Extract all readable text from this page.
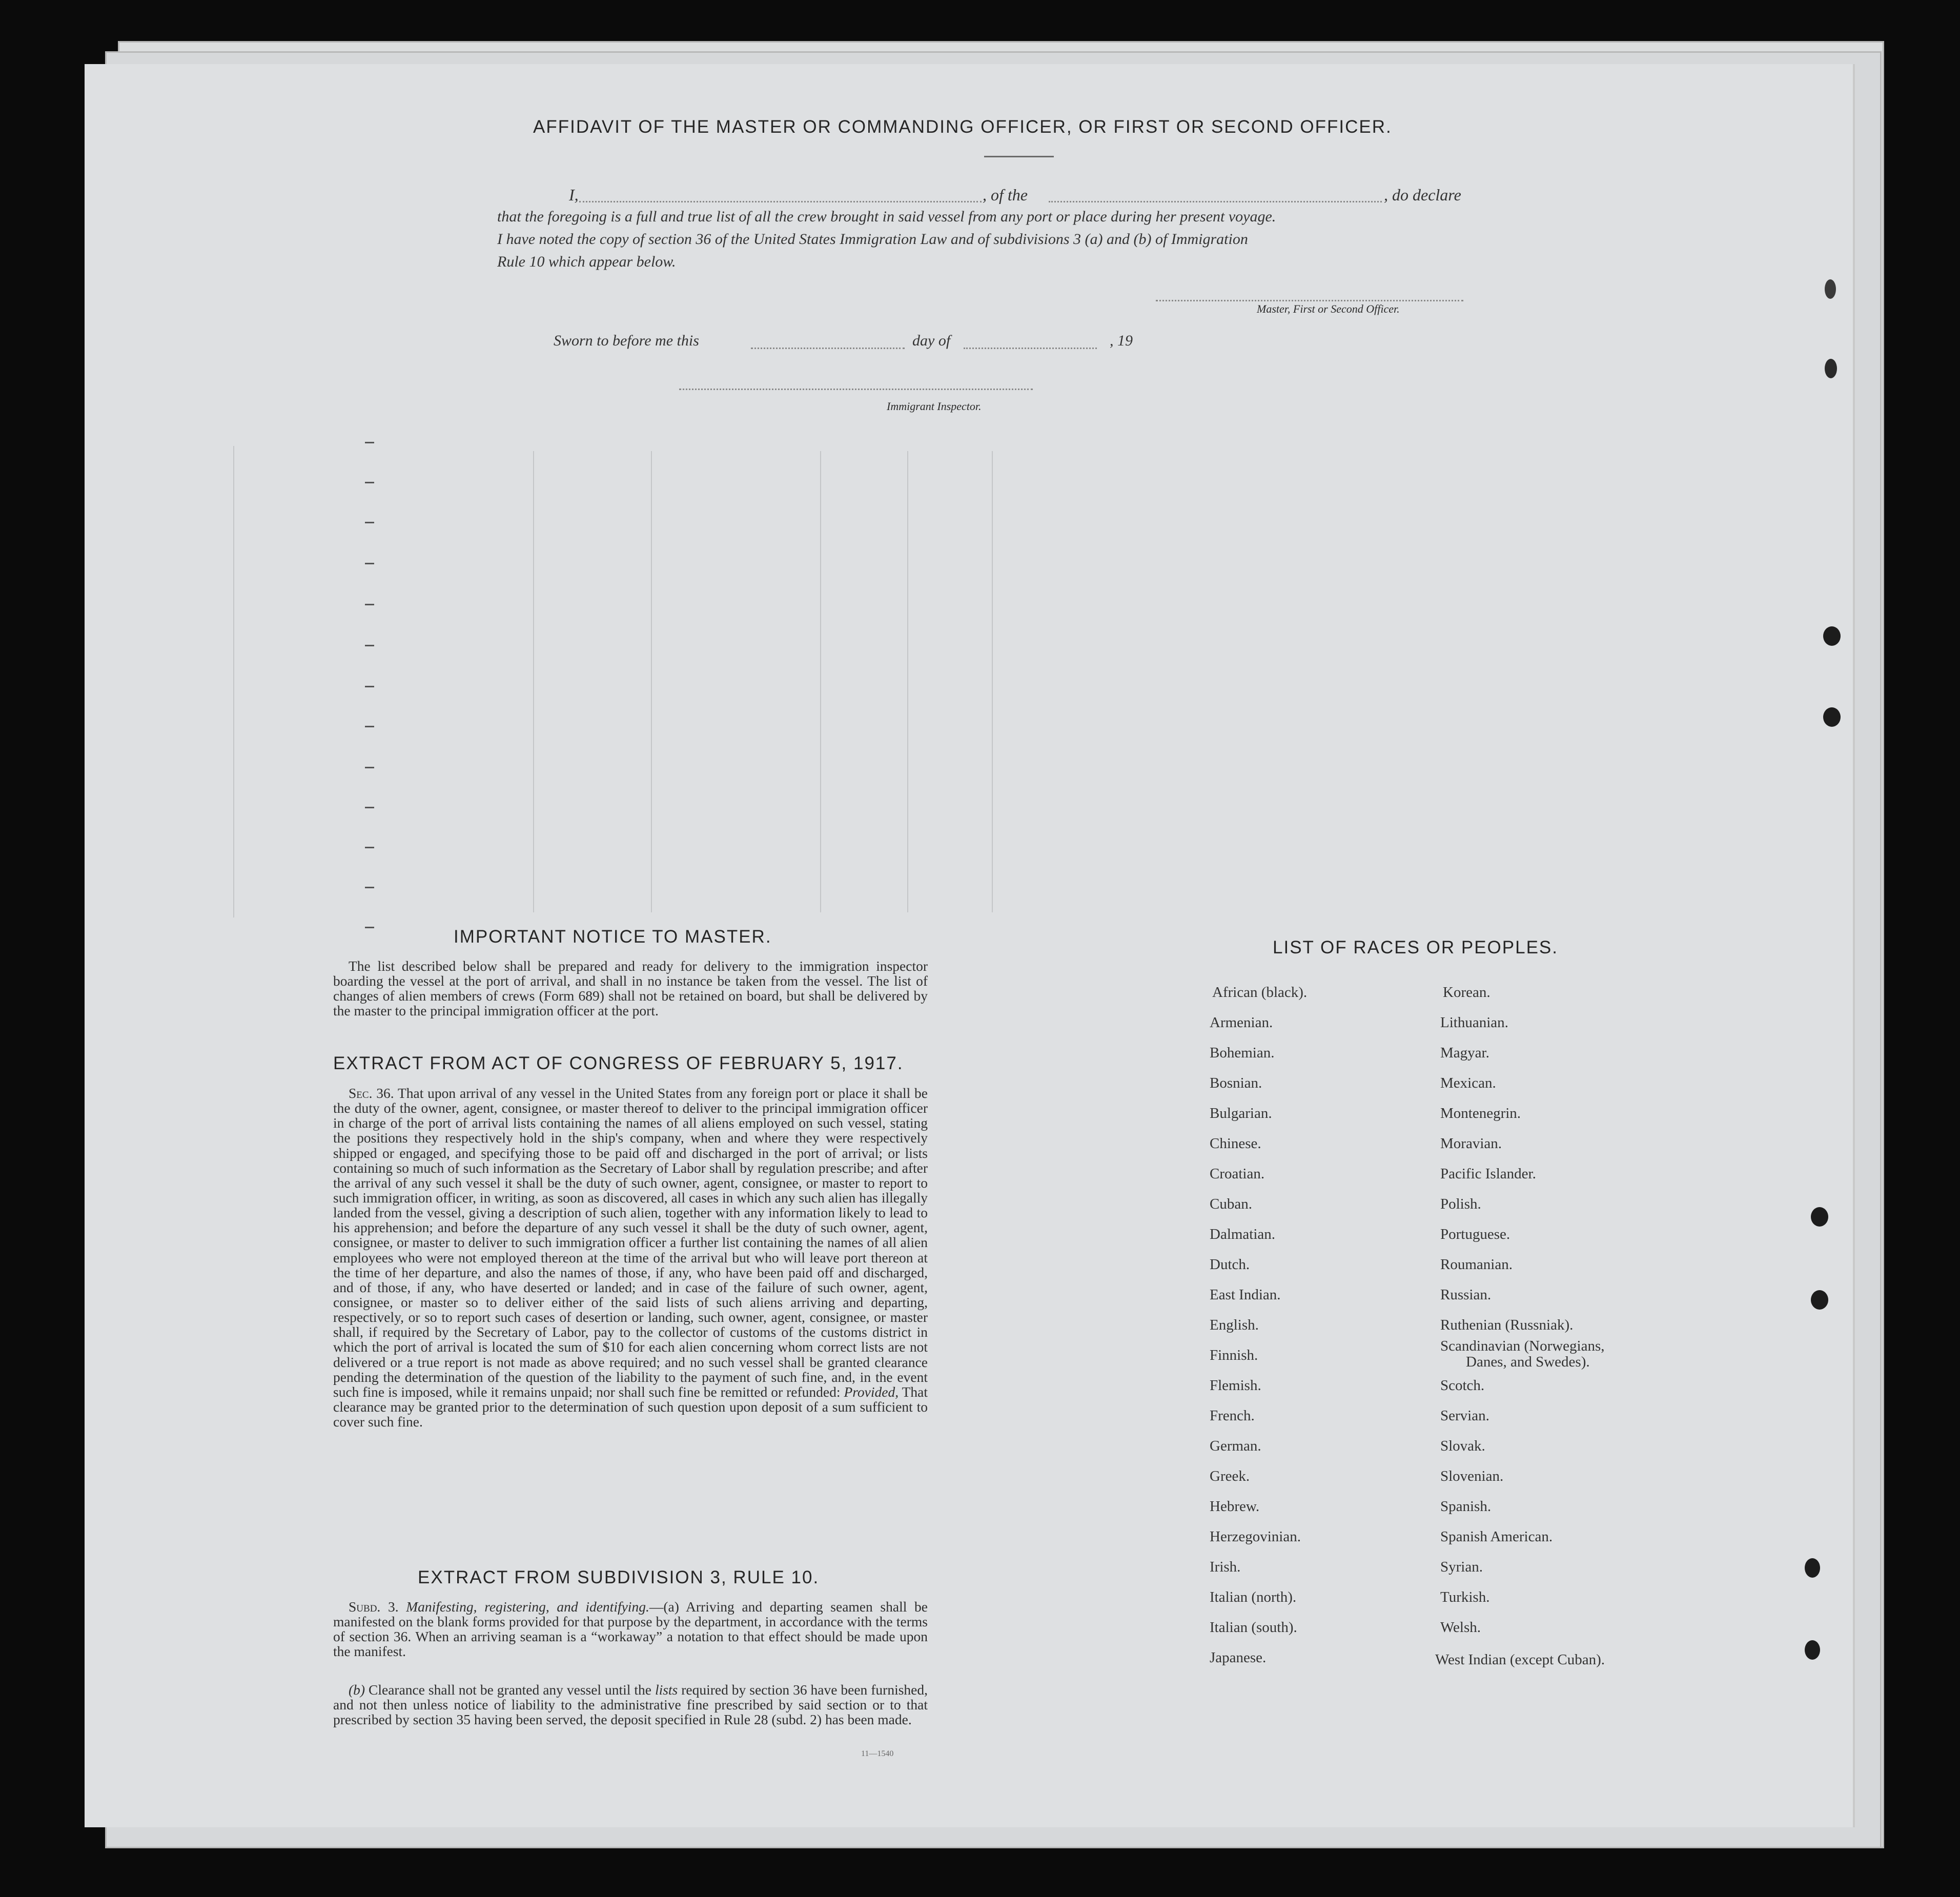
AFFIDAVIT OF THE MASTER OR COMMANDING OFFICER, OR FIRST OR SECOND OFFICER.
I,	, of the	, do declare
that the foregoing is a full and true list of all the crew brought in said vessel from any port or place during her present voyage.
I have noted the copy of section 36 of the United States Immigration Law and of subdivisions 3 (a) and (b) of Immigration
Rule 10 which appear below.
Master, First or Second Officer.
Sworn to before me this	day of	, 19
Immigrant Inspector.
IMPORTANT NOTICE TO MASTER.
The list described below shall be prepared and ready for delivery to the immigration inspector boarding the vessel at the port of arrival, and shall in no instance be taken from the vessel. The list of changes of alien members of crews (Form 689) shall not be retained on board, but shall be delivered by the master to the principal immigration officer at the port.
EXTRACT FROM ACT OF CONGRESS OF FEBRUARY 5, 1917.
Sec. 36. That upon arrival of any vessel in the United States from any foreign port or place it shall be the duty of the owner, agent, consignee, or master thereof to deliver to the principal immigration officer in charge of the port of arrival lists containing the names of all aliens employed on such vessel, stating the positions they respectively hold in the ship's company, when and where they were respectively shipped or engaged, and specifying those to be paid off and discharged in the port of arrival; or lists containing so much of such information as the Secretary of Labor shall by regulation prescribe; and after the arrival of any such vessel it shall be the duty of such owner, agent, consignee, or master to report to such immigration officer, in writing, as soon as discovered, all cases in which any such alien has illegally landed from the vessel, giving a description of such alien, together with any information likely to lead to his apprehension; and before the departure of any such vessel it shall be the duty of such owner, agent, consignee, or master to deliver to such immigration officer a further list containing the names of all alien employees who were not employed thereon at the time of the arrival but who will leave port thereon at the time of her departure, and also the names of those, if any, who have been paid off and discharged, and of those, if any, who have deserted or landed; and in case of the failure of such owner, agent, consignee, or master so to deliver either of the said lists of such aliens arriving and departing, respectively, or so to report such cases of desertion or landing, such owner, agent, consignee, or master shall, if required by the Secretary of Labor, pay to the collector of customs of the customs district in which the port of arrival is located the sum of $10 for each alien concerning whom correct lists are not delivered or a true report is not made as above required; and no such vessel shall be granted clearance pending the determination of the question of the liability to the payment of such fine, and, in the event such fine is imposed, while it remains unpaid; nor shall such fine be remitted or refunded: Provided, That clearance may be granted prior to the determination of such question upon deposit of a sum sufficient to cover such fine.
EXTRACT FROM SUBDIVISION 3, RULE 10.
Subd. 3. Manifesting, registering, and identifying.—(a) Arriving and departing seamen shall be manifested on the blank forms provided for that purpose by the department, in accordance with the terms of section 36. When an arriving seaman is a “workaway” a notation to that effect should be made upon the manifest.
(b) Clearance shall not be granted any vessel until the lists required by section 36 have been furnished, and not then unless notice of liability to the administrative fine prescribed by said section or to that prescribed by section 35 having been served, the deposit specified in Rule 28 (subd. 2) has been made.
11—1540
LIST OF RACES OR PEOPLES.
African (black).
Armenian.
Bohemian.
Bosnian.
Bulgarian.
Chinese.
Croatian.
Cuban.
Dalmatian.
Dutch.
East Indian.
English.
Finnish.
Flemish.
French.
German.
Greek.
Hebrew.
Herzegovinian.
Irish.
Italian (north).
Italian (south).
Japanese.
Korean.
Lithuanian.
Magyar.
Mexican.
Montenegrin.
Moravian.
Pacific Islander.
Polish.
Portuguese.
Roumanian.
Russian.
Ruthenian (Russniak).
Scandinavian (Norwegians,
Danes, and Swedes).
Scotch.
Servian.
Slovak.
Slovenian.
Spanish.
Spanish American.
Syrian.
Turkish.
Welsh.
West Indian (except Cuban).
